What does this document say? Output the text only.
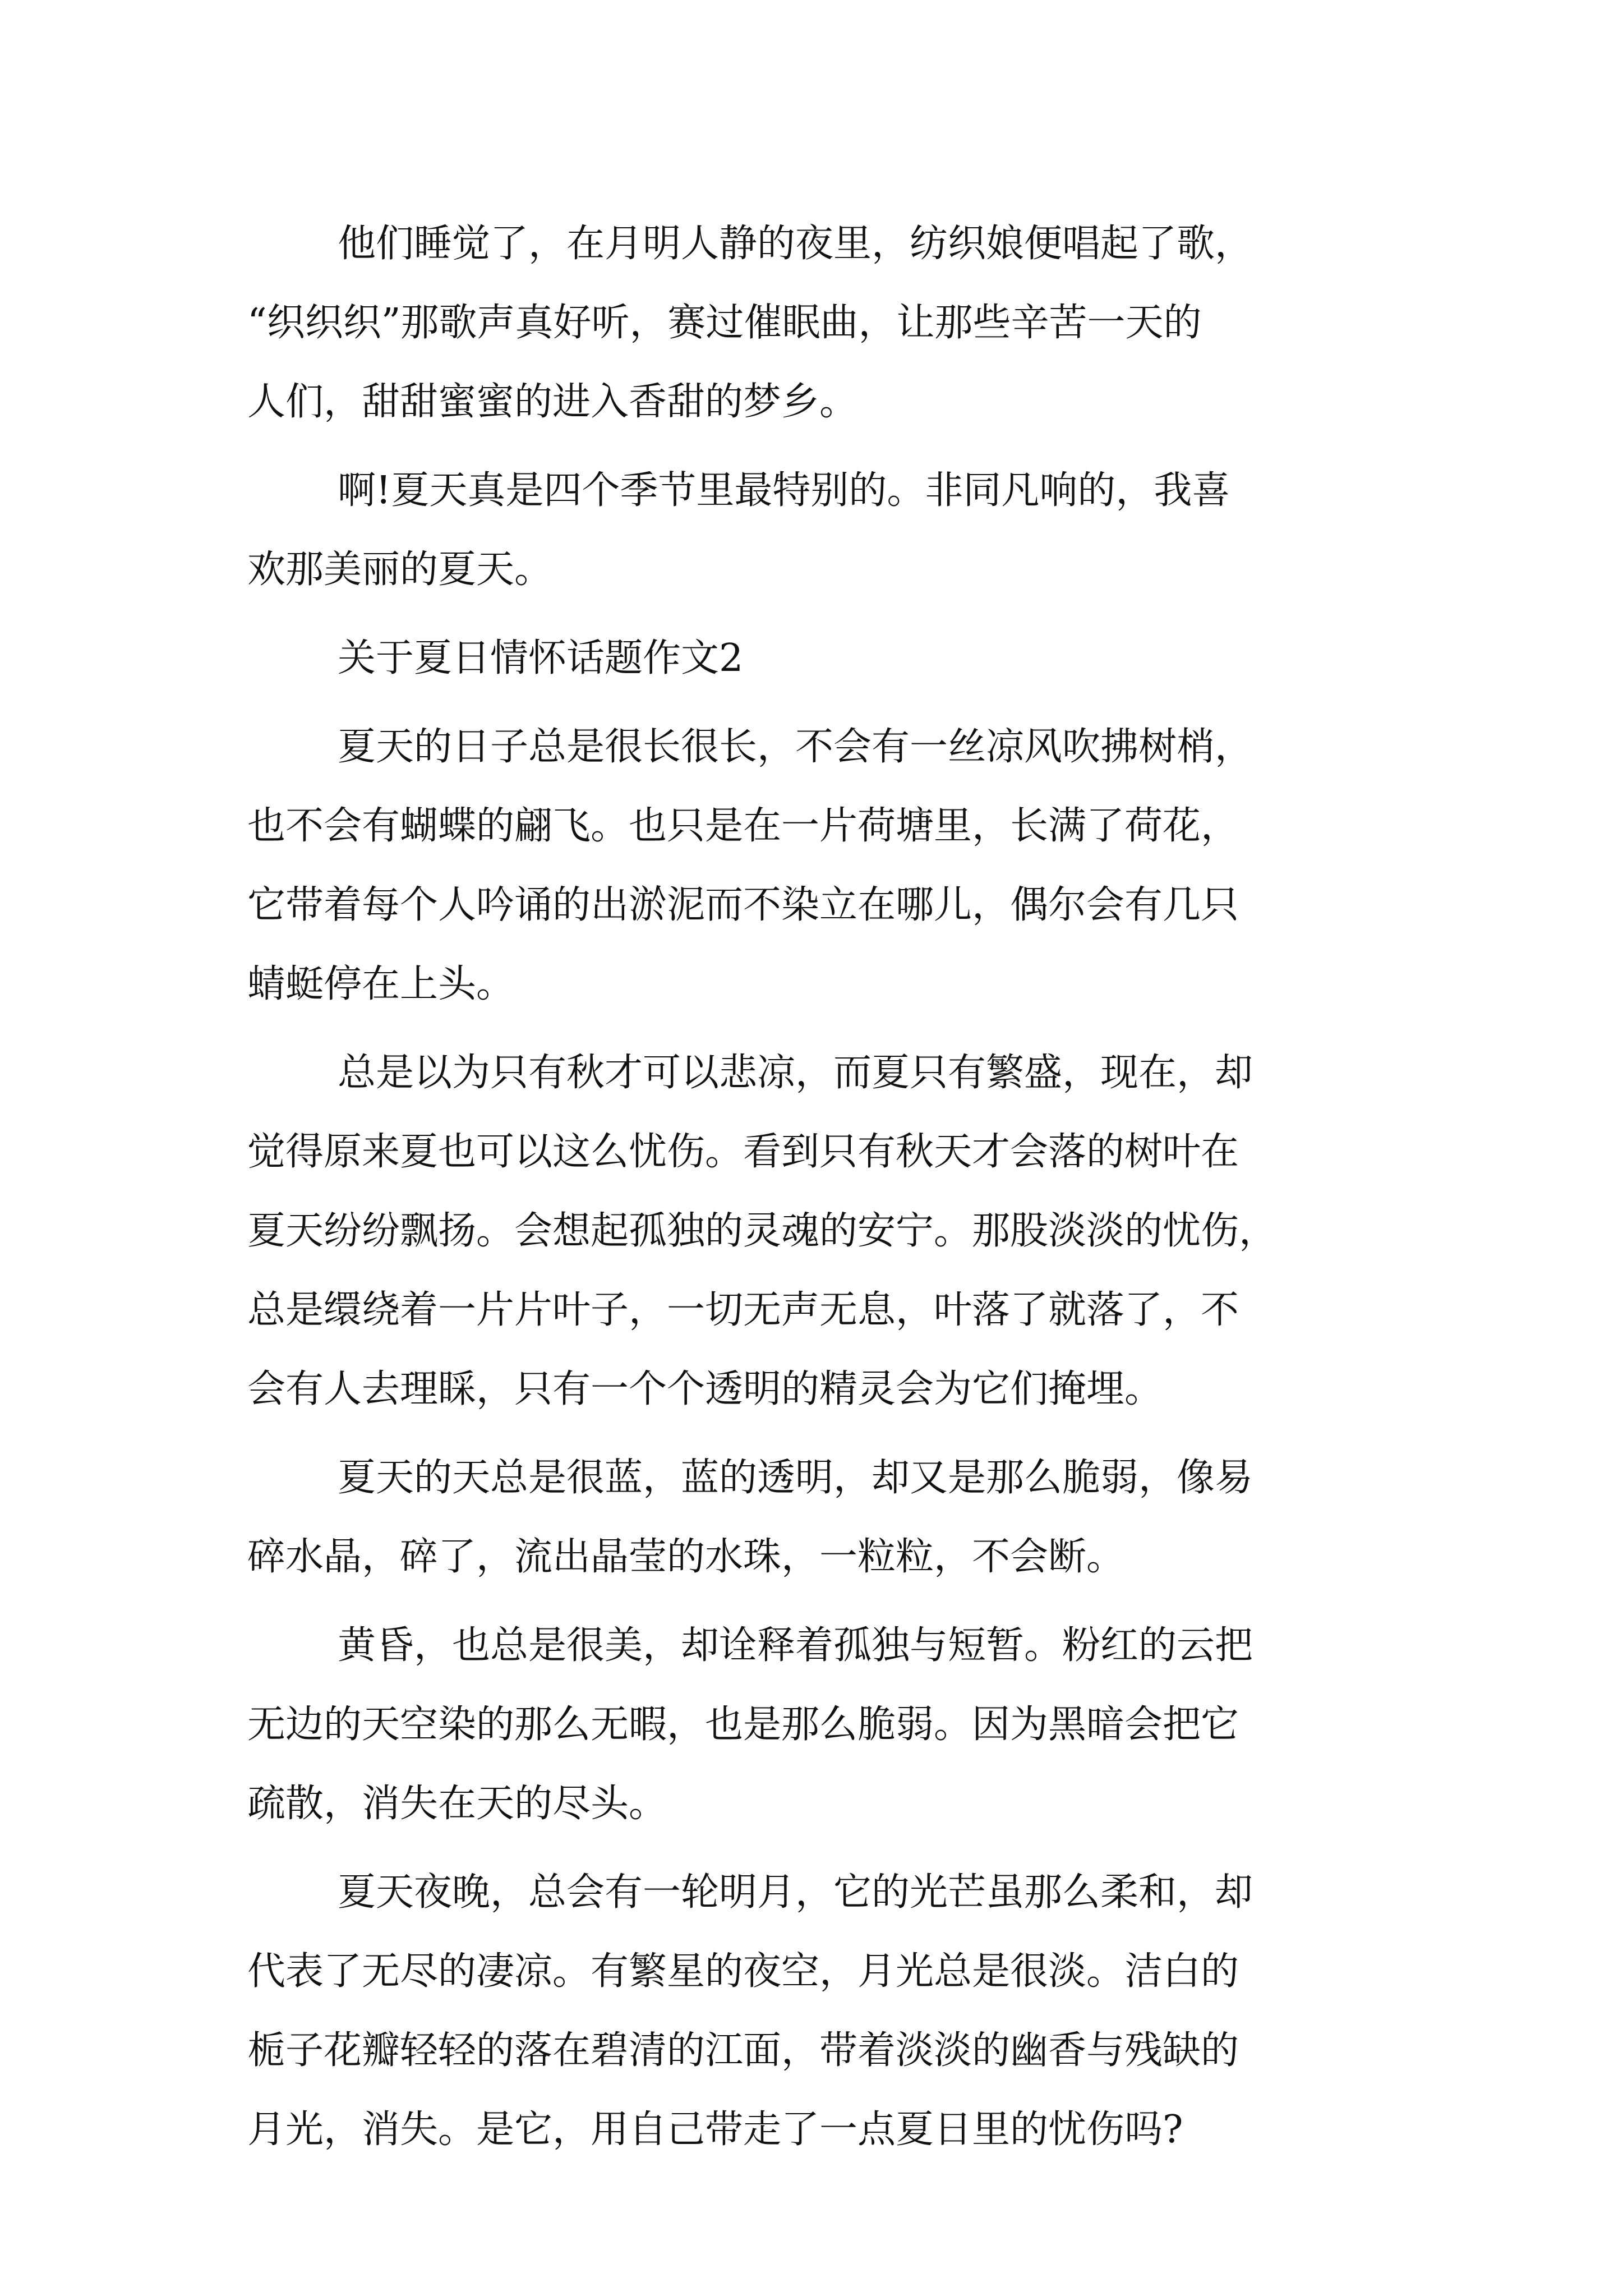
他们睡觉了，在月明人静的夜里，纺织娘便唱起了歌，
“织织织”那歌声真好听，赛过催眠曲，让那些辛苦一天的
人们，甜甜蜜蜜的进入香甜的梦乡。
啊!夏天真是四个季节里最特别的。非同凡响的，我喜
欢那美丽的夏天。
关于夏日情怀话题作文2
夏天的日子总是很长很长，不会有一丝凉风吹拂树梢，
也不会有蝴蝶的翩飞。也只是在一片荷塘里，长满了荷花，
它带着每个人吟诵的出淤泥而不染立在哪儿，偶尔会有几只
蜻蜓停在上头。
总是以为只有秋才可以悲凉，而夏只有繁盛，现在，却
觉得原来夏也可以这么忧伤。看到只有秋天才会落的树叶在
夏天纷纷飘扬。会想起孤独的灵魂的安宁。那股淡淡的忧伤，
总是缳绕着一片片叶子，一切无声无息，叶落了就落了，不
会有人去理睬，只有一个个透明的精灵会为它们掩埋。
夏天的天总是很蓝，蓝的透明，却又是那么脆弱，像易
碎水晶，碎了，流出晶莹的水珠，一粒粒，不会断。
黄昏，也总是很美，却诠释着孤独与短暂。粉红的云把
无边的天空染的那么无暇，也是那么脆弱。因为黑暗会把它
疏散，消失在天的尽头。
夏天夜晚，总会有一轮明月，它的光芒虽那么柔和，却
代表了无尽的凄凉。有繁星的夜空，月光总是很淡。洁白的
栀子花瓣轻轻的落在碧清的江面，带着淡淡的幽香与残缺的
月光，消失。是它，用自己带走了一点夏日里的忧伤吗?
